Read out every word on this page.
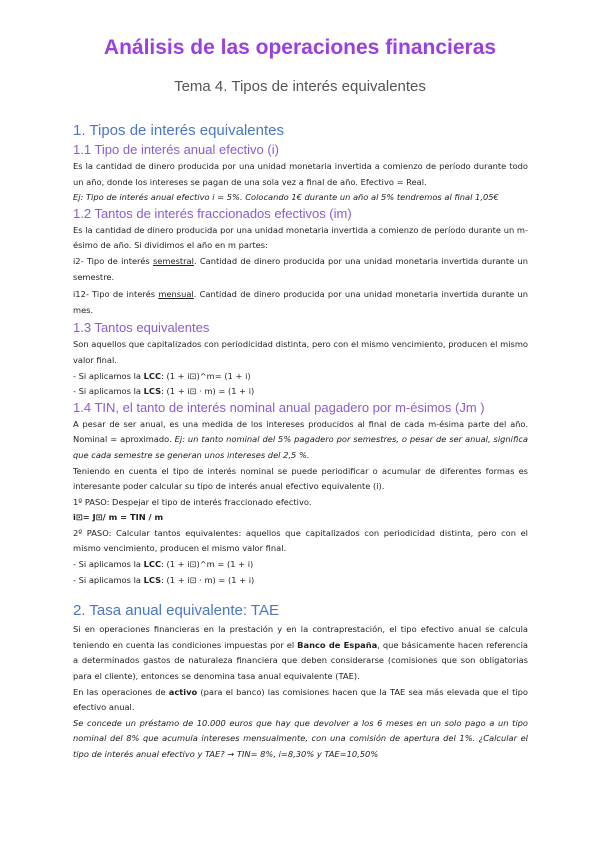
Análisis de las operaciones financieras
Tema 4. Tipos de interés equivalentes
1. Tipos de interés equivalentes
1.1 Tipo de interés anual efectivo (i)

Es la cantidad de dinero producida por una unidad monetaria invertida a comienzo de período durante todo un año, donde los intereses se pagan de una sola vez a final de año. Efectivo = Real.

Ej: Tipo de interés anual efectivo i = 5%. Colocando 1€ durante un año al 5% tendremos al final 1,05€

1.2 Tantos de interés fraccionados efectivos (im)

Es la cantidad de dinero producida por una unidad monetaria invertida a comienzo de período durante un m-ésimo de año. Si dividimos el año en m partes:

i2- Tipo de interés semestral. Cantidad de dinero producida por una unidad monetaria invertida durante un semestre.

i12- Tipo de interés mensual. Cantidad de dinero producida por una unidad monetaria invertida durante un mes.

1.3 Tantos equivalentes

Son aquellos que capitalizados con periodicidad distinta, pero con el mismo vencimiento, producen el mismo valor final.

- Si aplicamos la LCC: (1 + i⊡)^m= (1 + i)

- Si aplicamos la LCS: (1 + i⊡ · m) = (1 + i)

1.4 TIN, el tanto de interés nominal anual pagadero por m-ésimos (Jm )

A pesar de ser anual, es una medida de los intereses producidos al final de cada m-ésima parte del año. Nominal = aproximado. Ej: un tanto nominal del 5% pagadero por semestres, o pesar de ser anual, significa que cada semestre se generan unos intereses del 2,5 %.

Teniendo en cuenta el tipo de interés nominal se puede periodificar o acumular de diferentes formas es interesante poder calcular su tipo de interés anual efectivo equivalente (i).

1º PASO: Despejar el tipo de interés fraccionado efectivo.

i⊡= J⊡/ m = TIN / m

2º PASO: Calcular tantos equivalentes: aquellos que capitalizados con periodicidad distinta, pero con el mismo vencimiento, producen el mismo valor final.

- Si aplicamos la LCC: (1 + i⊡)^m = (1 + i)

- Si aplicamos la LCS: (1 + i⊡ · m) = (1 + i)

2. Tasa anual equivalente: TAE

Si en operaciones financieras en la prestación y en la contraprestación, el tipo efectivo anual se calcula teniendo en cuenta las condiciones impuestas por el Banco de España, que básicamente hacen referencia a determinados gastos de naturaleza financiera que deben considerarse (comisiones que son obligatorias para el cliente), entonces se denomina tasa anual equivalente (TAE).

En las operaciones de activo (para el banco) las comisiones hacen que la TAE sea más elevada que el tipo efectivo anual.

Se concede un préstamo de 10.000 euros que hay que devolver a los 6 meses en un solo pago a un tipo nominal del 8% que acumula intereses mensualmente, con una comisión de apertura del 1%. ¿Calcular el tipo de interés anual efectivo y TAE? → TIN= 8%, i=8,30% y TAE=10,50%
